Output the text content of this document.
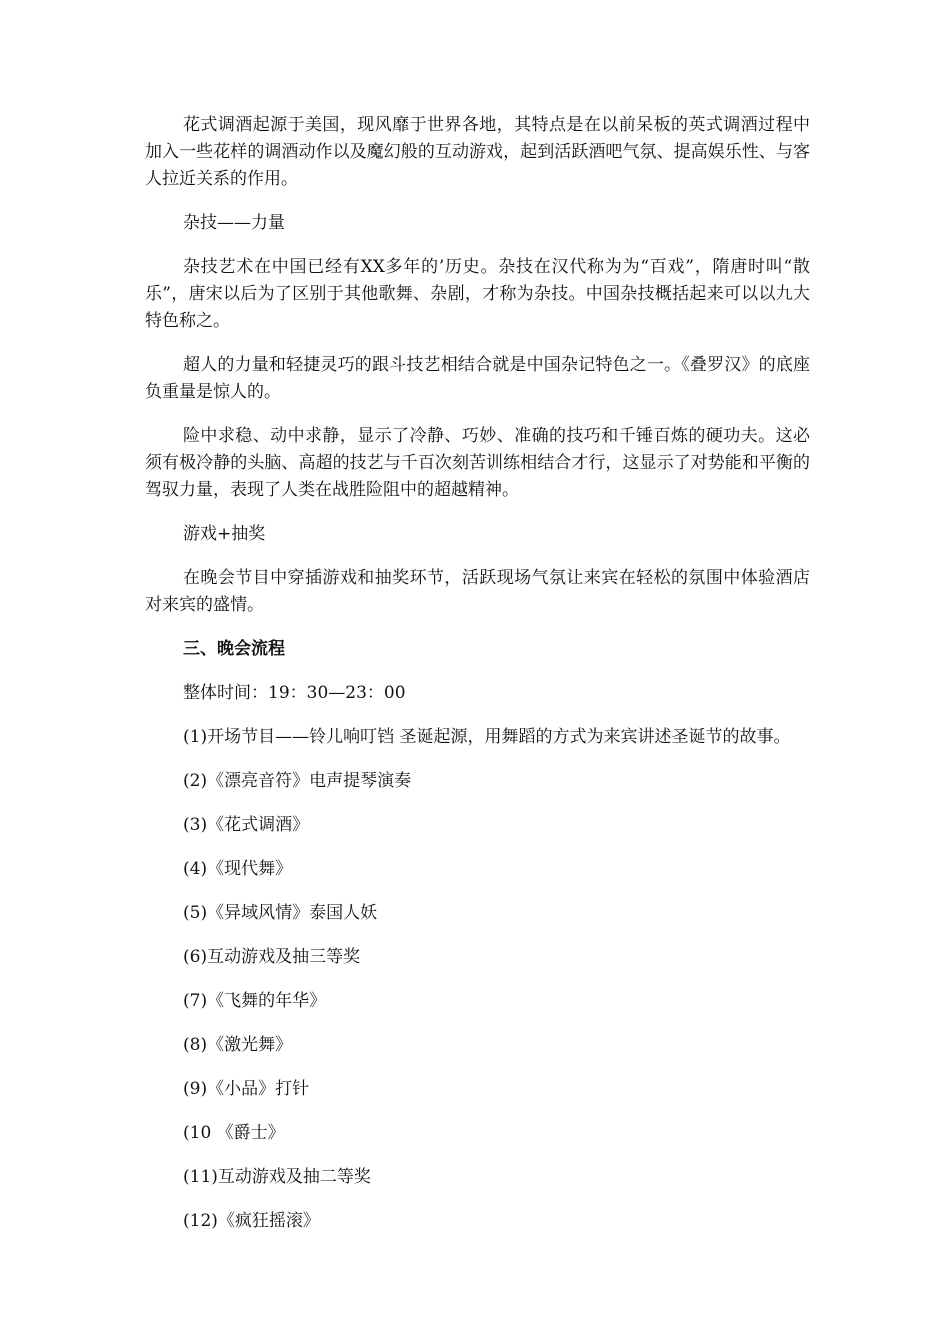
花式调酒起源于美国，现风靡于世界各地，其特点是在以前呆板的英式调酒过程中加入一些花样的调酒动作以及魔幻般的互动游戏，起到活跃酒吧气氛、提高娱乐性、与客人拉近关系的作用。

杂技——力量

杂技艺术在中国已经有XX多年的’历史。杂技在汉代称为为“百戏”，隋唐时叫“散乐”，唐宋以后为了区别于其他歌舞、杂剧，才称为杂技。中国杂技概括起来可以以九大特色称之。

超人的力量和轻捷灵巧的跟斗技艺相结合就是中国杂记特色之一。《叠罗汉》的底座负重量是惊人的。

险中求稳、动中求静，显示了冷静、巧妙、准确的技巧和千锤百炼的硬功夫。这必须有极冷静的头脑、高超的技艺与千百次刻苦训练相结合才行，这显示了对势能和平衡的驾驭力量，表现了人类在战胜险阻中的超越精神。

游戏+抽奖

在晚会节目中穿插游戏和抽奖环节，活跃现场气氛让来宾在轻松的氛围中体验酒店对来宾的盛情。

三、晚会流程

整体时间：19：30—23：00

(1)开场节目——铃儿响叮铛 圣诞起源，用舞蹈的方式为来宾讲述圣诞节的故事。

(2)《漂亮音符》电声提琴演奏

(3)《花式调酒》

(4)《现代舞》

(5)《异域风情》泰国人妖

(6)互动游戏及抽三等奖

(7)《飞舞的年华》

(8)《激光舞》

(9)《小品》打针

(10 《爵士》

(11)互动游戏及抽二等奖

(12)《疯狂摇滚》
